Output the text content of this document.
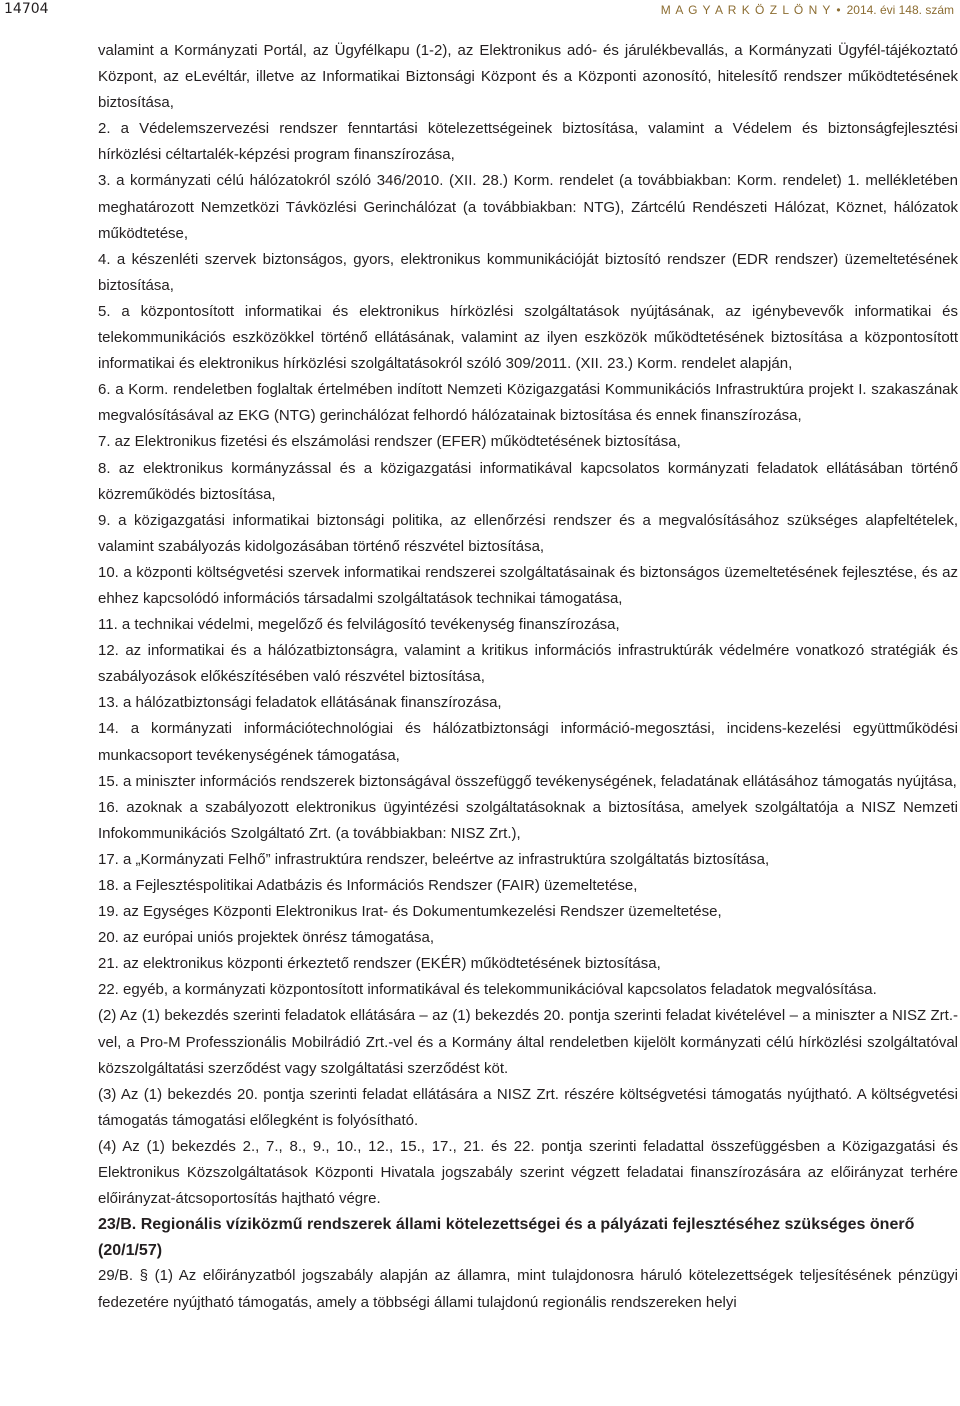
14704	M A G Y A R K Ö Z L Ö N Y • 2014. évi 148. szám

valamint a Kormányzati Portál, az Ügyfélkapu (1-2), az Elektronikus adó- és járulékbevallás, a Kormányzati Ügyfél-tájékoztató Központ, az eLevéltár, illetve az Informatikai Biztonsági Központ és a Központi azonosító, hitelesítő rendszer működtetésének biztosítása,

2. a Védelemszervezési rendszer fenntartási kötelezettségeinek biztosítása, valamint a Védelem és biztonságfejlesztési hírközlési céltartalék-képzési program finanszírozása,

3. a kormányzati célú hálózatokról szóló 346/2010. (XII. 28.) Korm. rendelet (a továbbiakban: Korm. rendelet) 1. mellékletében meghatározott Nemzetközi Távközlési Gerinchálózat (a továbbiakban: NTG), Zártcélú Rendészeti Hálózat, Köznet, hálózatok működtetése,

4. a készenléti szervek biztonságos, gyors, elektronikus kommunikációját biztosító rendszer (EDR rendszer) üzemeltetésének biztosítása,

5. a központosított informatikai és elektronikus hírközlési szolgáltatások nyújtásának, az igénybevevők informatikai és telekommunikációs eszközökkel történő ellátásának, valamint az ilyen eszközök működtetésének biztosítása a központosított informatikai és elektronikus hírközlési szolgáltatásokról szóló 309/2011. (XII. 23.) Korm. rendelet alapján,

6. a Korm. rendeletben foglaltak értelmében indított Nemzeti Közigazgatási Kommunikációs Infrastruktúra projekt I. szakaszának megvalósításával az EKG (NTG) gerinchálózat felhordó hálózatainak biztosítása és ennek finanszírozása,

7. az Elektronikus fizetési és elszámolási rendszer (EFER) működtetésének biztosítása,

8. az elektronikus kormányzással és a közigazgatási informatikával kapcsolatos kormányzati feladatok ellátásában történő közreműködés biztosítása,

9. a közigazgatási informatikai biztonsági politika, az ellenőrzési rendszer és a megvalósításához szükséges alapfeltételek, valamint szabályozás kidolgozásában történő részvétel biztosítása,

10. a központi költségvetési szervek informatikai rendszerei szolgáltatásainak és biztonságos üzemeltetésének fejlesztése, és az ehhez kapcsolódó információs társadalmi szolgáltatások technikai támogatása,

11. a technikai védelmi, megelőző és felvilágosító tevékenység finanszírozása,

12. az informatikai és a hálózatbiztonságra, valamint a kritikus információs infrastruktúrák védelmére vonatkozó stratégiák és szabályozások előkészítésében való részvétel biztosítása,

13. a hálózatbiztonsági feladatok ellátásának finanszírozása,

14. a kormányzati információtechnológiai és hálózatbiztonsági információ-megosztási, incidens-kezelési együttműködési munkacsoport tevékenységének támogatása,

15. a miniszter információs rendszerek biztonságával összefüggő tevékenységének, feladatának ellátásához támogatás nyújtása,

16. azoknak a szabályozott elektronikus ügyintézési szolgáltatásoknak a biztosítása, amelyek szolgáltatója a NISZ Nemzeti Infokommunikációs Szolgáltató Zrt. (a továbbiakban: NISZ Zrt.),

17. a „Kormányzati Felhő” infrastruktúra rendszer, beleértve az infrastruktúra szolgáltatás biztosítása,

18. a Fejlesztéspolitikai Adatbázis és Információs Rendszer (FAIR) üzemeltetése,

19. az Egységes Központi Elektronikus Irat- és Dokumentumkezelési Rendszer üzemeltetése,

20. az európai uniós projektek önrész támogatása,

21. az elektronikus központi érkeztető rendszer (EKÉR) működtetésének biztosítása,

22. egyéb, a kormányzati központosított informatikával és telekommunikációval kapcsolatos feladatok megvalósítása.

(2) Az (1) bekezdés szerinti feladatok ellátására – az (1) bekezdés 20. pontja szerinti feladat kivételével – a miniszter a NISZ Zrt.-vel, a Pro-M Professzionális Mobilrádió Zrt.-vel és a Kormány által rendeletben kijelölt kormányzati célú hírközlési szolgáltatóval közszolgáltatási szerződést vagy szolgáltatási szerződést köt.

(3) Az (1) bekezdés 20. pontja szerinti feladat ellátására a NISZ Zrt. részére költségvetési támogatás nyújtható. A költségvetési támogatás támogatási előlegként is folyósítható.

(4) Az (1) bekezdés 2., 7., 8., 9., 10., 12., 15., 17., 21. és 22. pontja szerinti feladattal összefüggésben a Közigazgatási és Elektronikus Közszolgáltatások Központi Hivatala jogszabály szerint végzett feladatai finanszírozására az előirányzat terhére előirányzat-átcsoportosítás hajtható végre.

23/B. Regionális víziközmű rendszerek állami kötelezettségei és a pályázati fejlesztéséhez szükséges önerő (20/1/57)

29/B. § (1) Az előirányzatból jogszabály alapján az államra, mint tulajdonosra háruló kötelezettségek teljesítésének pénzügyi fedezetére nyújtható támogatás, amely a többségi állami tulajdonú regionális rendszereken helyi
